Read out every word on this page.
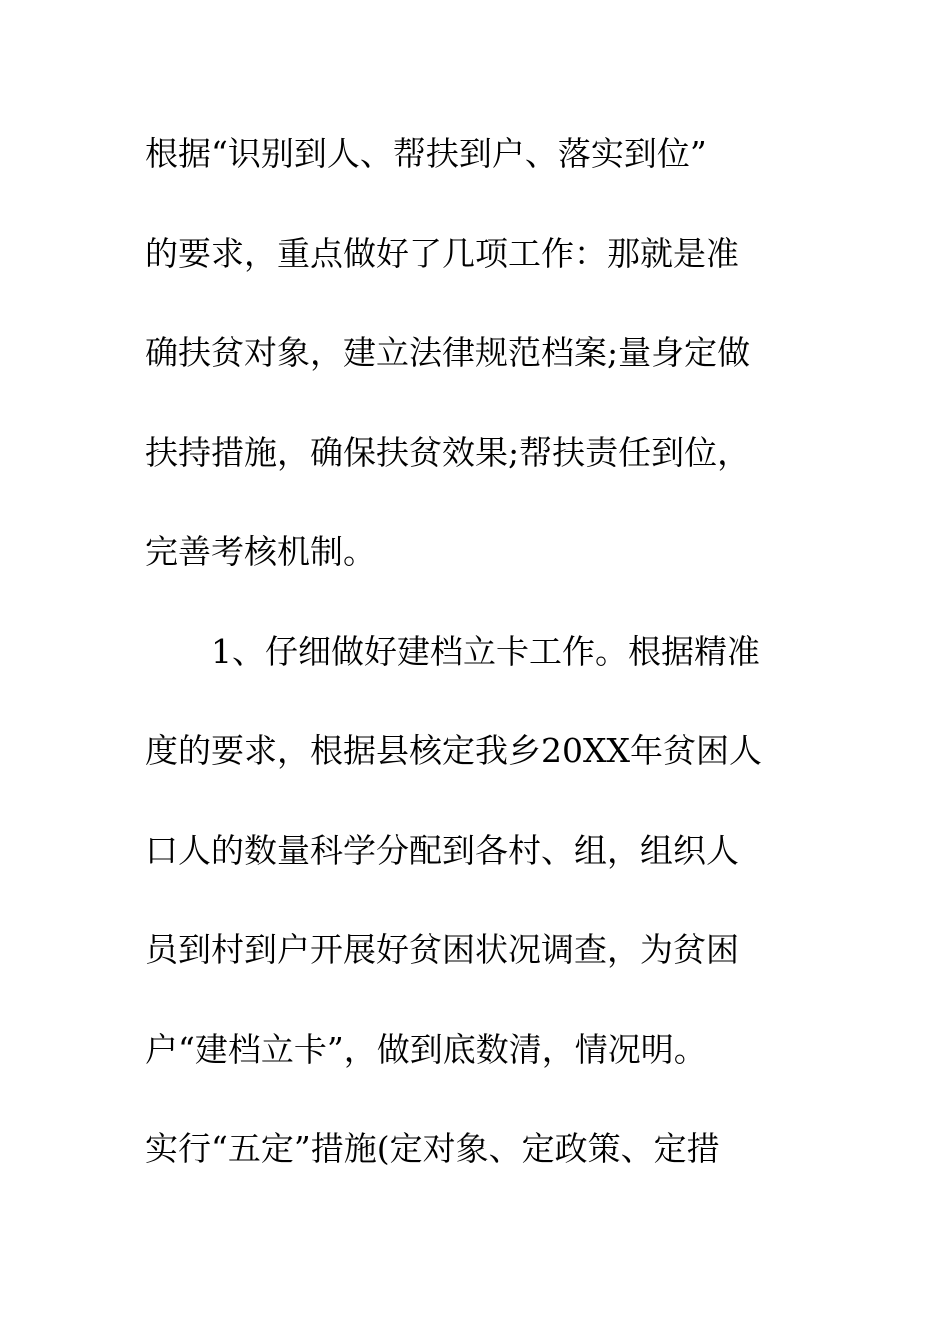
根据“识别到人、帮扶到户、落实到位”
的要求，重点做好了几项工作：那就是准
确扶贫对象，建立法律规范档案;量身定做
扶持措施，确保扶贫效果;帮扶责任到位，
完善考核机制。
1、仔细做好建档立卡工作。根据精准
度的要求，根据县核定我乡20XX年贫困人
口人的数量科学分配到各村、组，组织人
员到村到户开展好贫困状况调查，为贫困
户“建档立卡”，做到底数清，情况明。
实行“五定”措施(定对象、定政策、定措
